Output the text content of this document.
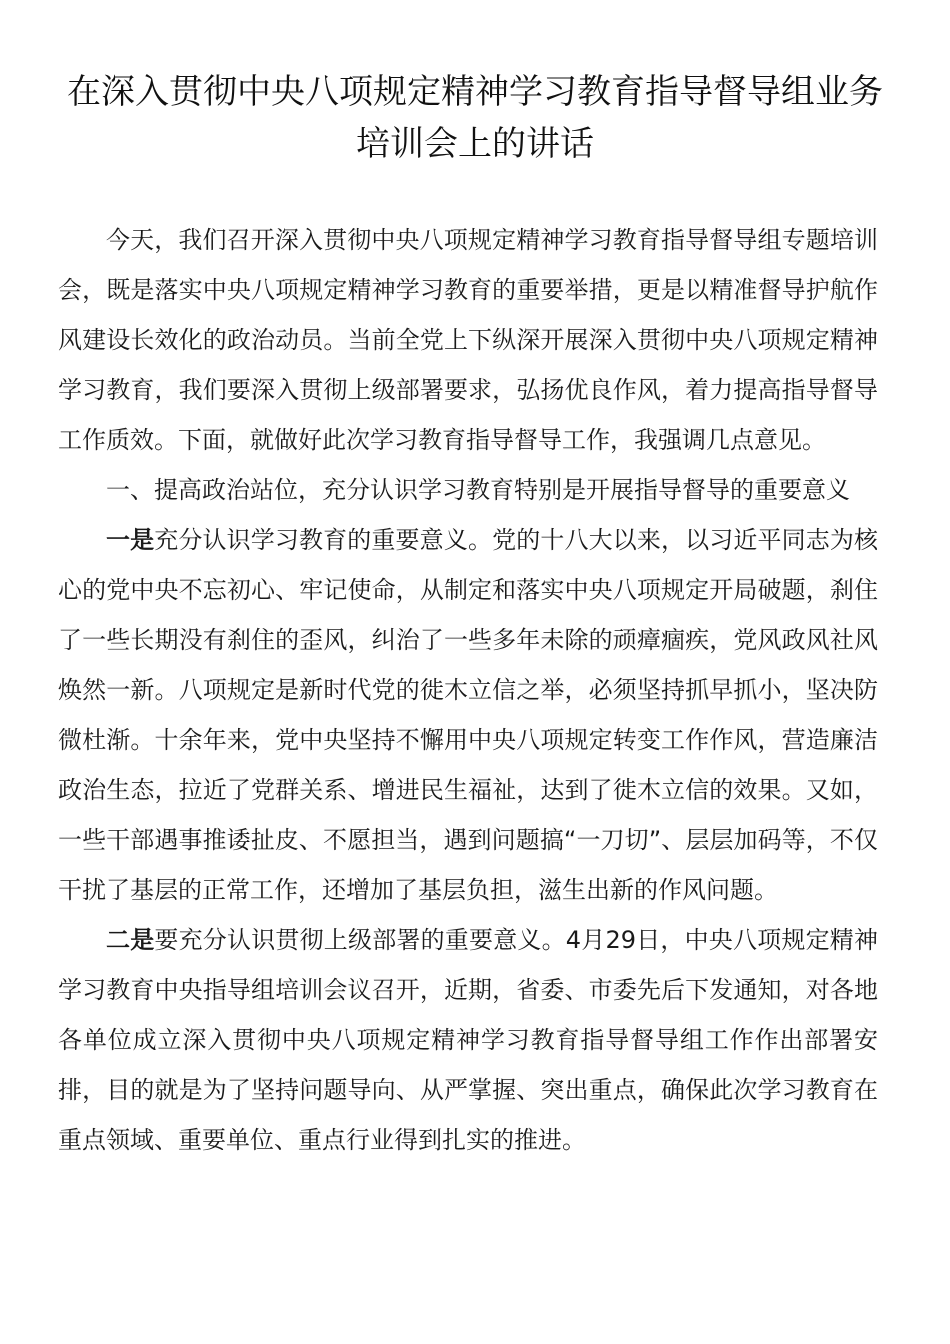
在深入贯彻中央八项规定精神学习教育指导督导组业务培训会上的讲话

今天，我们召开深入贯彻中央八项规定精神学习教育指导督导组专题培训会，既是落实中央八项规定精神学习教育的重要举措，更是以精准督导护航作风建设长效化的政治动员。当前全党上下纵深开展深入贯彻中央八项规定精神学习教育，我们要深入贯彻上级部署要求，弘扬优良作风，着力提高指导督导工作质效。下面，就做好此次学习教育指导督导工作，我强调几点意见。

一、提高政治站位，充分认识学习教育特别是开展指导督导的重要意义

一是充分认识学习教育的重要意义。党的十八大以来，以习近平同志为核心的党中央不忘初心、牢记使命，从制定和落实中央八项规定开局破题，刹住了一些长期没有刹住的歪风，纠治了一些多年未除的顽瘴痼疾，党风政风社风焕然一新。八项规定是新时代党的徙木立信之举，必须坚持抓早抓小，坚决防微杜渐。十余年来，党中央坚持不懈用中央八项规定转变工作作风，营造廉洁政治生态，拉近了党群关系、增进民生福祉，达到了徙木立信的效果。又如，一些干部遇事推诿扯皮、不愿担当，遇到问题搞“一刀切”、层层加码等，不仅干扰了基层的正常工作，还增加了基层负担，滋生出新的作风问题。

二是要充分认识贯彻上级部署的重要意义。4月29日，中央八项规定精神学习教育中央指导组培训会议召开，近期，省委、市委先后下发通知，对各地各单位成立深入贯彻中央八项规定精神学习教育指导督导组工作作出部署安排，目的就是为了坚持问题导向、从严掌握、突出重点，确保此次学习教育在重点领域、重要单位、重点行业得到扎实的推进。
